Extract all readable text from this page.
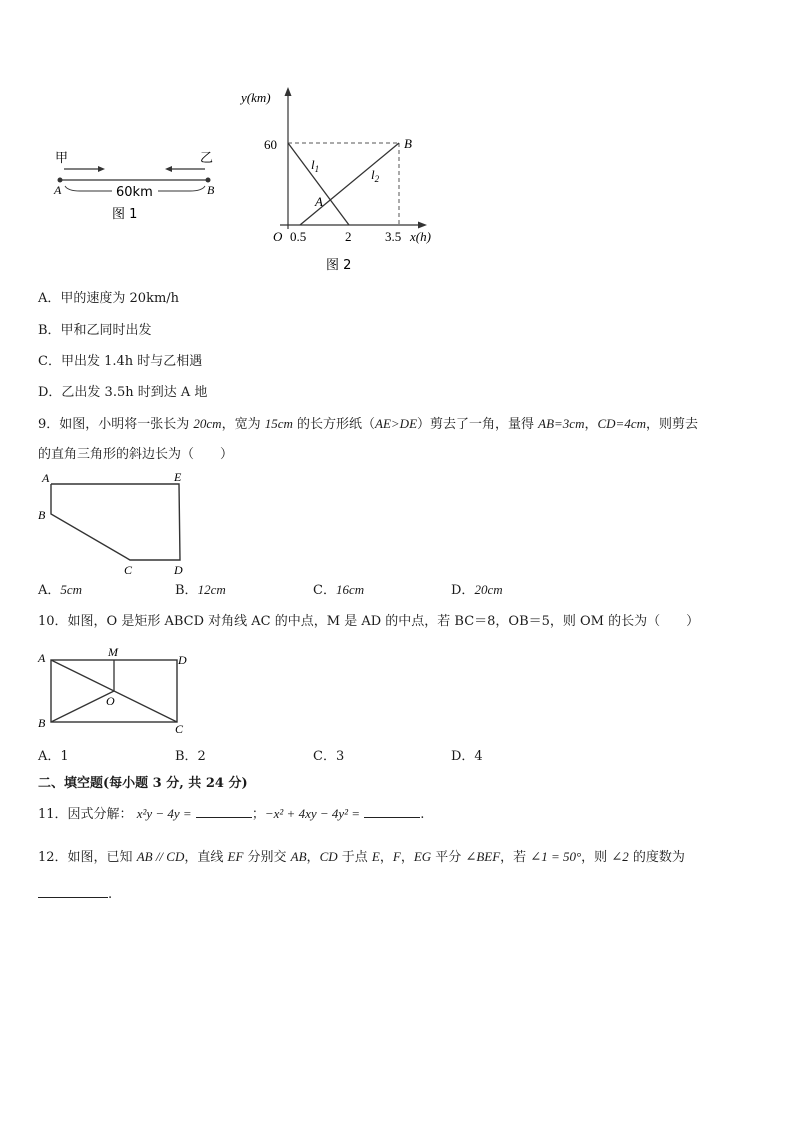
甲	乙
A	B
60km
图 1
y(km)
60	B
A
$l_1$	$l_2$
O 0.5	2	3.5 x(h)
图 2
A．甲的速度为 20km/h
B．甲和乙同时出发
C．甲出发 1.4h 时与乙相遇
D．乙出发 3.5h 时到达 A 地
9．如图，小明将一张长为 20cm，宽为 15cm 的长方形纸（AE>DE）剪去了一角，量得 AB=3cm，CD=4cm，则剪去
的直角三角形的斜边长为（　　）
A	E
B
C	D
A．5cm	B．12cm	C．16cm	D．20cm
10．如图，O 是矩形 ABCD 对角线 AC 的中点，M 是 AD 的中点，若 BC＝8，OB＝5，则 OM 的长为（　　）
A	M
D
O
B	C
A．1	B．2	C．3	D．4
二、填空题(每小题 3 分, 共 24 分)
11．因式分解： x²y − 4y =	；−x² + 4xy − 4y² =	.
12．如图，已知 AB // CD，直线 EF 分别交 AB，CD 于点 E，F，EG 平分 ∠BEF，若 ∠1 = 50°，则 ∠2 的度数为
.
